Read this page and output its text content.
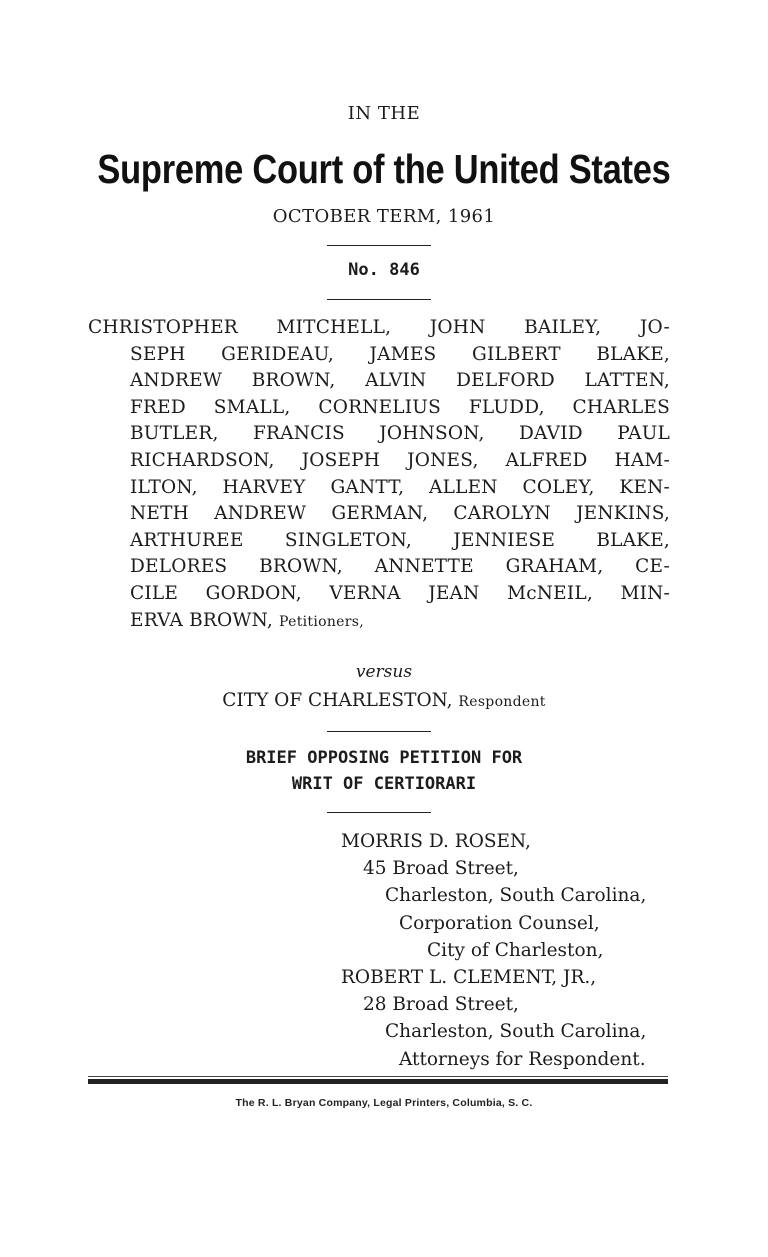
IN THE
Supreme Court of the United States
OCTOBER TERM, 1961
No. 846
CHRISTOPHER MITCHELL, JOHN BAILEY, JO-
SEPH GERIDEAU, JAMES GILBERT BLAKE,
ANDREW BROWN, ALVIN DELFORD LATTEN,
FRED SMALL, CORNELIUS FLUDD, CHARLES
BUTLER, FRANCIS JOHNSON, DAVID PAUL
RICHARDSON, JOSEPH JONES, ALFRED HAM-
ILTON, HARVEY GANTT, ALLEN COLEY, KEN-
NETH ANDREW GERMAN, CAROLYN JENKINS,
ARTHUREE SINGLETON, JENNIESE BLAKE,
DELORES BROWN, ANNETTE GRAHAM, CE-
CILE GORDON, VERNA JEAN McNEIL, MIN-
ERVA BROWN, Petitioners,
versus
CITY OF CHARLESTON, Respondent
BRIEF OPPOSING PETITION FOR
WRIT OF CERTIORARI
MORRIS D. ROSEN,
45 Broad Street,
Charleston, South Carolina,
Corporation Counsel,
City of Charleston,
ROBERT L. CLEMENT, JR.,
28 Broad Street,
Charleston, South Carolina,
Attorneys for Respondent.
The R. L. Bryan Company, Legal Printers, Columbia, S. C.
